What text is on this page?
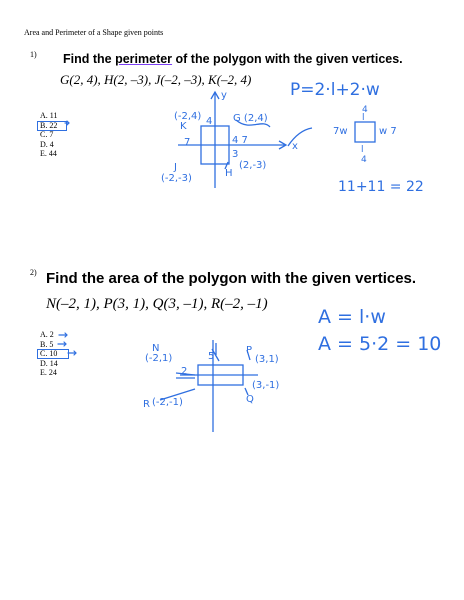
Area and Perimeter of a Shape given points
1) Find the perimeter of the polygon with the given vertices.
G(2, 4), H(2, –3), J(–2, –3), K(–2, 4)
A. 11
B. 22
C. 7
D. 4
E. 44
2) Find the area of the polygon with the given vertices.
N(–2, 1), P(3, 1), Q(3, –1), R(–2, –1)
A. 2
B. 5
C. 10
D. 14
E. 24
(-2,4)	G (2,4)
(-2,-3)
(2,-3)
K
J
H
4
7	4 7
3
y
x
P=2·l+2·w
4
l
7w	w 7
l
4
11+11 = 22
N
(-2,1)
P
(3,1)
(3,-1)
Q
R (-2,-1)
5
2
A = l·w
A = 5·2 = 10
